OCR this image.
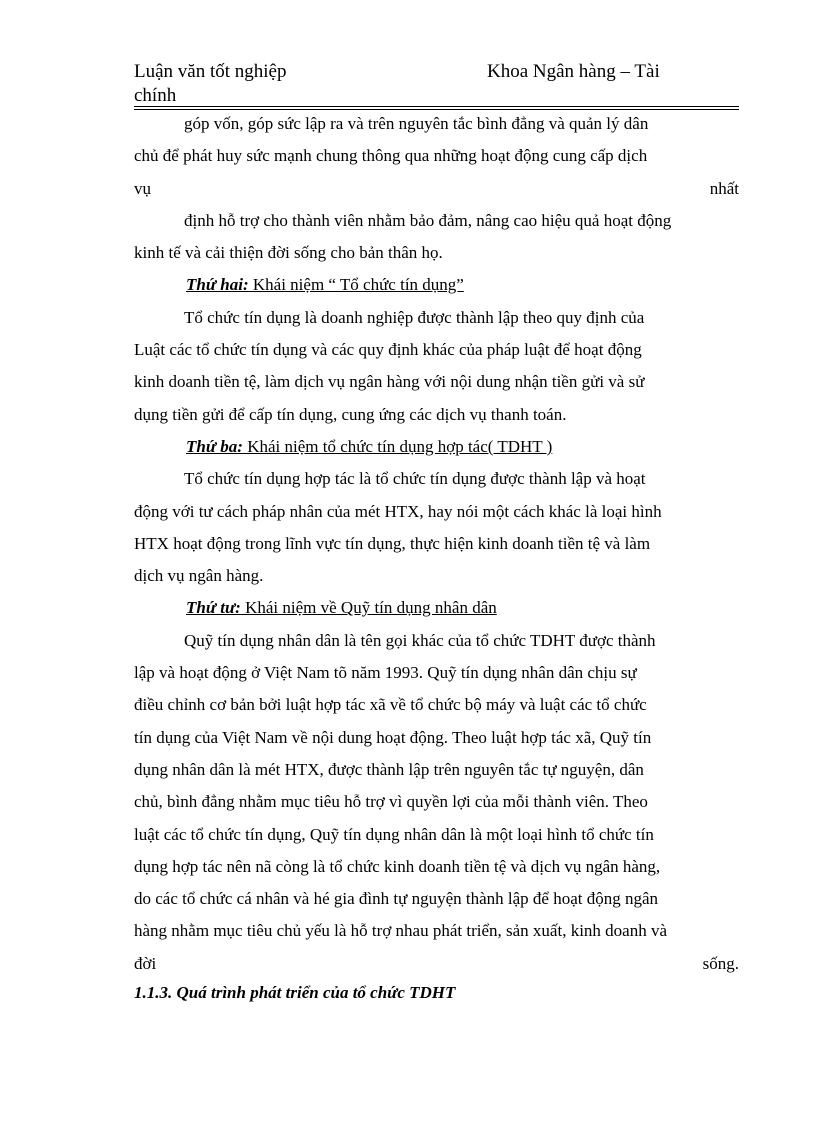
Luận văn tốt nghiệp	Khoa Ngân hàng – Tài
chính
góp vốn, góp sức lập ra và trên nguyên tắc bình đẳng và quản lý dân
chủ để phát huy sức mạnh chung thông qua những hoạt động cung cấp dịch
vụ	nhất
định hỗ trợ cho thành viên nhằm bảo đảm, nâng cao hiệu quả hoạt động
kinh tế và cải thiện đời sống cho bản thân họ.
Thứ hai: Khái niệm “ Tổ chức tín dụng”
Tổ chức tín dụng là doanh nghiệp được thành lập theo quy định của
Luật các tổ chức tín dụng và các quy định khác của pháp luật để hoạt động
kinh doanh tiền tệ, làm dịch vụ ngân hàng với nội dung nhận tiền gửi và sử
dụng tiền gửi để cấp tín dụng, cung ứng các dịch vụ thanh toán.
Thứ ba: Khái niệm tổ chức tín dụng hợp tác( TDHT )
Tổ chức tín dụng hợp tác là tổ chức tín dụng được thành lập và hoạt
động với tư cách pháp nhân của mét HTX, hay nói một cách khác là loại hình
HTX hoạt động trong lĩnh vực tín dụng, thực hiện kinh doanh tiền tệ và làm
dịch vụ ngân hàng.
Thứ tư: Khái niệm về Quỹ tín dụng nhân dân
Quỹ tín dụng nhân dân là tên gọi khác của tổ chức TDHT được thành
lập và hoạt động ở Việt Nam tõ năm 1993. Quỹ tín dụng nhân dân chịu sự
điều chỉnh cơ bản bởi luật hợp tác xã về tổ chức bộ máy và luật các tổ chức
tín dụng của Việt Nam về nội dung hoạt động. Theo luật hợp tác xã, Quỹ tín
dụng nhân dân là mét HTX, được thành lập trên nguyên tắc tự nguyện, dân
chủ, bình đẳng nhằm mục tiêu hỗ trợ vì quyền lợi của mỗi thành viên. Theo
luật các tổ chức tín dụng, Quỹ tín dụng nhân dân là một loại hình tổ chức tín
dụng hợp tác nên nã còng là tổ chức kinh doanh tiền tệ và dịch vụ ngân hàng,
do các tổ chức cá nhân và hé gia đình tự nguyện thành lập để hoạt động ngân
hàng nhằm mục tiêu chủ yếu là hỗ trợ nhau phát triển, sản xuất, kinh doanh và
đời	sống.
1.1.3. Quá trình phát triển của tổ chức TDHT
